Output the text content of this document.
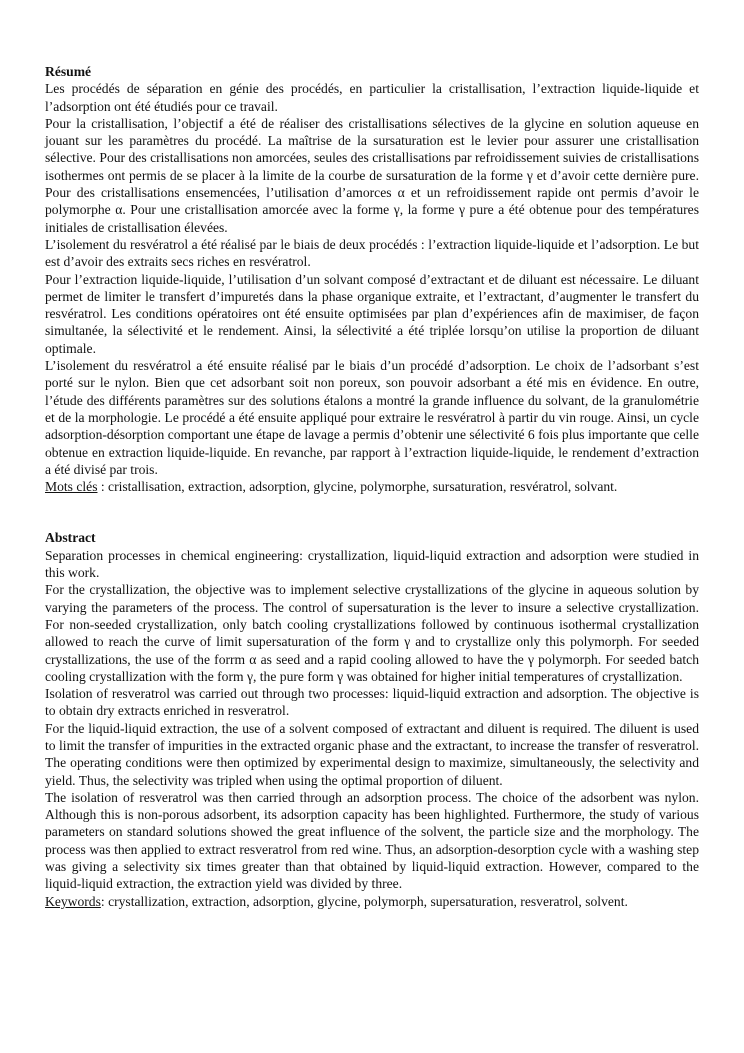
Résumé

Les procédés de séparation en génie des procédés, en particulier la cristallisation, l’extraction liquide-liquide et l’adsorption ont été étudiés pour ce travail.

Pour la cristallisation, l’objectif a été de réaliser des cristallisations sélectives de la glycine en solution aqueuse en jouant sur les paramètres du procédé. La maîtrise de la sursaturation est le levier pour assurer une cristallisation sélective. Pour des cristallisations non amorcées, seules des cristallisations par refroidissement suivies de cristallisations isothermes ont permis de se placer à la limite de la courbe de sursaturation de la forme γ et d’avoir cette dernière pure. Pour des cristallisations ensemencées, l’utilisation d’amorces α et un refroidissement rapide ont permis d’avoir le polymorphe α. Pour une cristallisation amorcée avec la forme γ, la forme γ pure a été obtenue pour des températures initiales de cristallisation élevées.

L’isolement du resvératrol a été réalisé par le biais de deux procédés : l’extraction liquide-liquide et l’adsorption. Le but est d’avoir des extraits secs riches en resvératrol.

Pour l’extraction liquide-liquide, l’utilisation d’un solvant composé d’extractant et de diluant est nécessaire. Le diluant permet de limiter le transfert d’impuretés dans la phase organique extraite, et l’extractant, d’augmenter le transfert du resvératrol. Les conditions opératoires ont été ensuite optimisées par plan d’expériences afin de maximiser, de façon simultanée, la sélectivité et le rendement. Ainsi, la sélectivité a été triplée lorsqu’on utilise la proportion de diluant optimale.

L’isolement du resvératrol a été ensuite réalisé par le biais d’un procédé d’adsorption. Le choix de l’adsorbant s’est porté sur le nylon. Bien que cet adsorbant soit non poreux, son pouvoir adsorbant a été mis en évidence. En outre, l’étude des différents paramètres sur des solutions étalons a montré la grande influence du solvant, de la granulométrie et de la morphologie. Le procédé a été ensuite appliqué pour extraire le resvératrol à partir du vin rouge. Ainsi, un cycle adsorption-désorption comportant une étape de lavage a permis d’obtenir une sélectivité 6 fois plus importante que celle obtenue en extraction liquide-liquide. En revanche, par rapport à l’extraction liquide-liquide, le rendement d’extraction a été divisé par trois.

Mots clés : cristallisation, extraction, adsorption, glycine, polymorphe, sursaturation, resvératrol, solvant.

Abstract

Separation processes in chemical engineering: crystallization, liquid-liquid extraction and adsorption were studied in this work.

For the crystallization, the objective was to implement selective crystallizations of the glycine in aqueous solution by varying the parameters of the process. The control of supersaturation is the lever to insure a selective crystallization. For non-seeded crystallization, only batch cooling crystallizations followed by continuous isothermal crystallization allowed to reach the curve of limit supersaturation of the form γ and to crystallize only this polymorph. For seeded crystallizations, the use of the forrm α as seed and a rapid cooling allowed to have the γ polymorph. For seeded batch cooling crystallization with the form γ, the pure form γ was obtained for higher initial temperatures of crystallization.

Isolation of resveratrol was carried out through two processes: liquid-liquid extraction and adsorption. The objective is to obtain dry extracts enriched in resveratrol.

For the liquid-liquid extraction, the use of a solvent composed of extractant and diluent is required. The diluent is used to limit the transfer of impurities in the extracted organic phase and the extractant, to increase the transfer of resveratrol. The operating conditions were then optimized by experimental design to maximize, simultaneously, the selectivity and yield. Thus, the selectivity was tripled when using the optimal proportion of diluent.

The isolation of resveratrol was then carried through an adsorption process. The choice of the adsorbent was nylon. Although this is non-porous adsorbent, its adsorption capacity has been highlighted. Furthermore, the study of various parameters on standard solutions showed the great influence of the solvent, the particle size and the morphology. The process was then applied to extract resveratrol from red wine. Thus, an adsorption-desorption cycle with a washing step was giving a selectivity six times greater than that obtained by liquid-liquid extraction. However, compared to the liquid-liquid extraction, the extraction yield was divided by three.

Keywords: crystallization, extraction, adsorption, glycine, polymorph, supersaturation, resveratrol, solvent.
